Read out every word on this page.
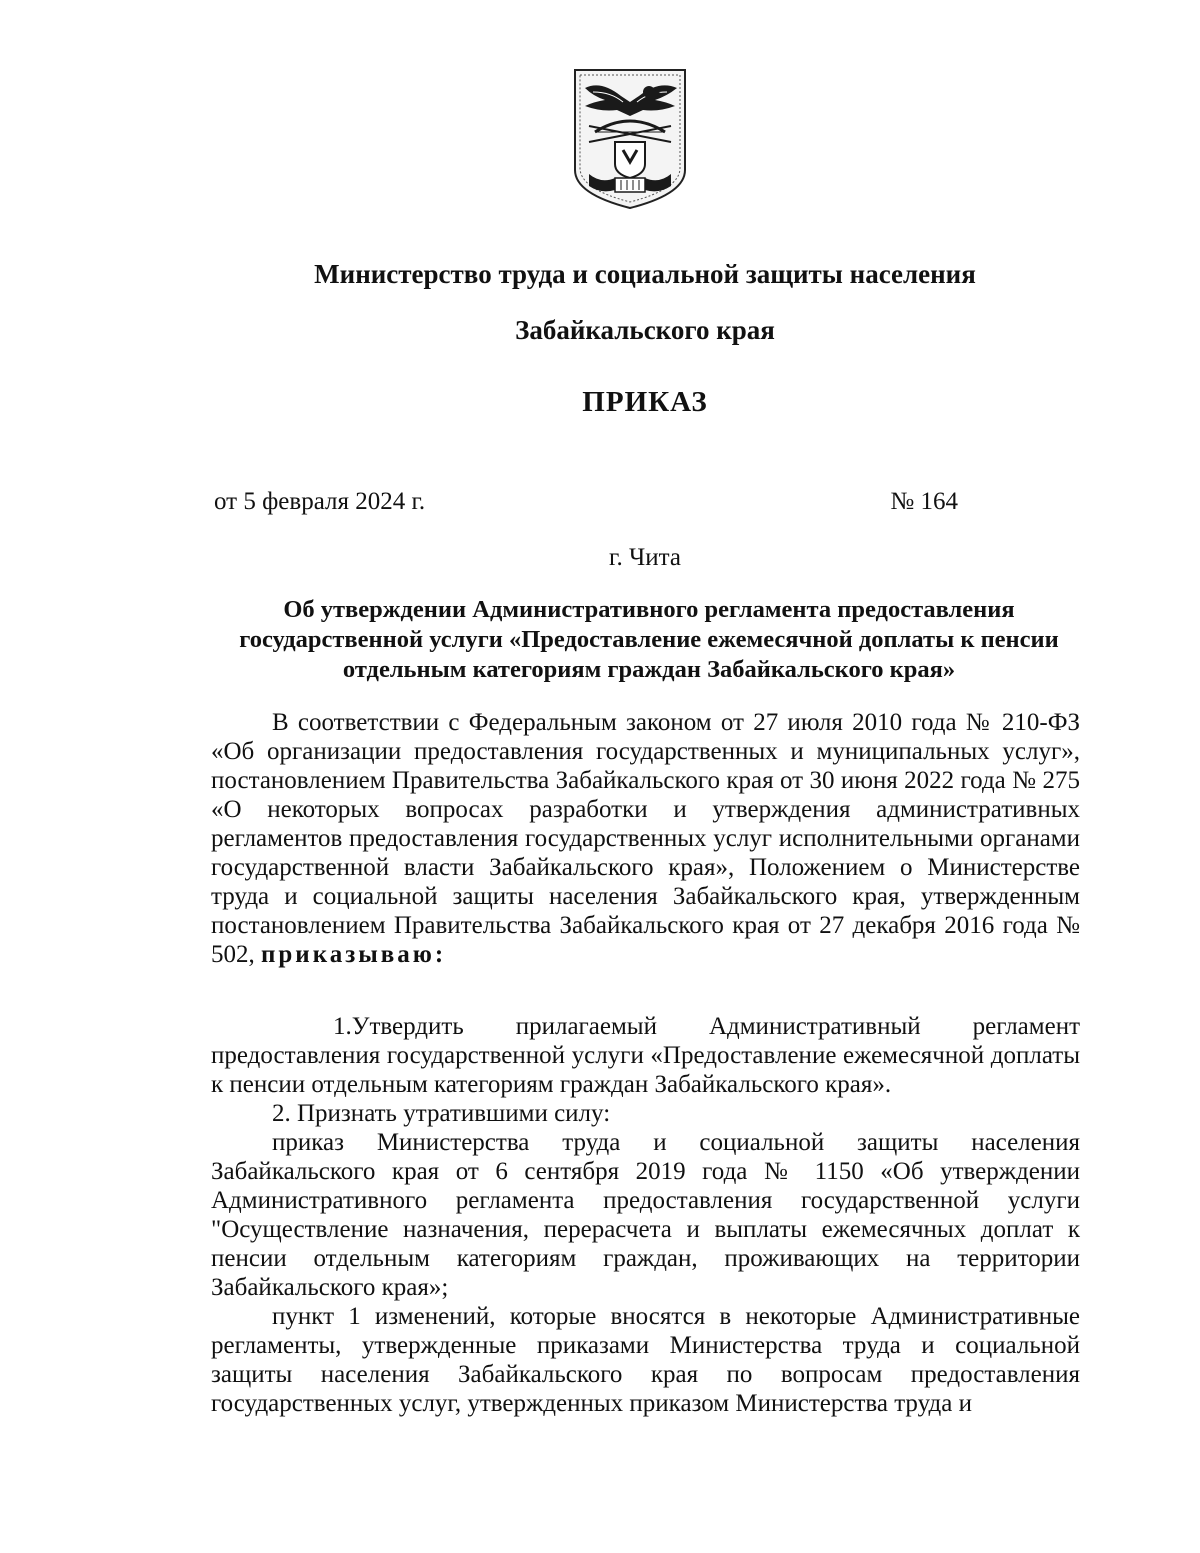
Министерство труда и социальной защиты населения
Забайкальского края
ПРИКАЗ
от 5 февраля 2024 г.	№ 164
г. Чита
Об утверждении Административного регламента предоставления
государственной услуги «Предоставление ежемесячной доплаты к пенсии
отдельным категориям граждан Забайкальского края»

В соответствии с Федеральным законом от 27 июля 2010 года № 210-ФЗ «Об организации предоставления государственных и муниципальных услуг», постановлением Правительства Забайкальского края от 30 июня 2022 года № 275 «О некоторых вопросах разработки и утверждения административных регламентов предоставления государственных услуг исполнительными органами государственной власти Забайкальского края», Положением о Министерстве труда и социальной защиты населения Забайкальского края, утвержденным постановлением Правительства Забайкальского края от 27 декабря 2016 года № 502, приказываю:

1.Утвердить прилагаемый Административный регламент предоставления государственной услуги «Предоставление ежемесячной доплаты к пенсии отдельным категориям граждан Забайкальского края».

2. Признать утратившими силу:

приказ Министерства труда и социальной защиты населения Забайкальского края от 6 сентября 2019 года № 1150 «Об утверждении Административного регламента предоставления государственной услуги "Осуществление назначения, перерасчета и выплаты ежемесячных доплат к пенсии отдельным категориям граждан, проживающих на территории Забайкальского края»;

пункт 1 изменений, которые вносятся в некоторые Административные регламенты, утвержденные приказами Министерства труда и социальной защиты населения Забайкальского края по вопросам предоставления государственных услуг, утвержденных приказом Министерства труда и
